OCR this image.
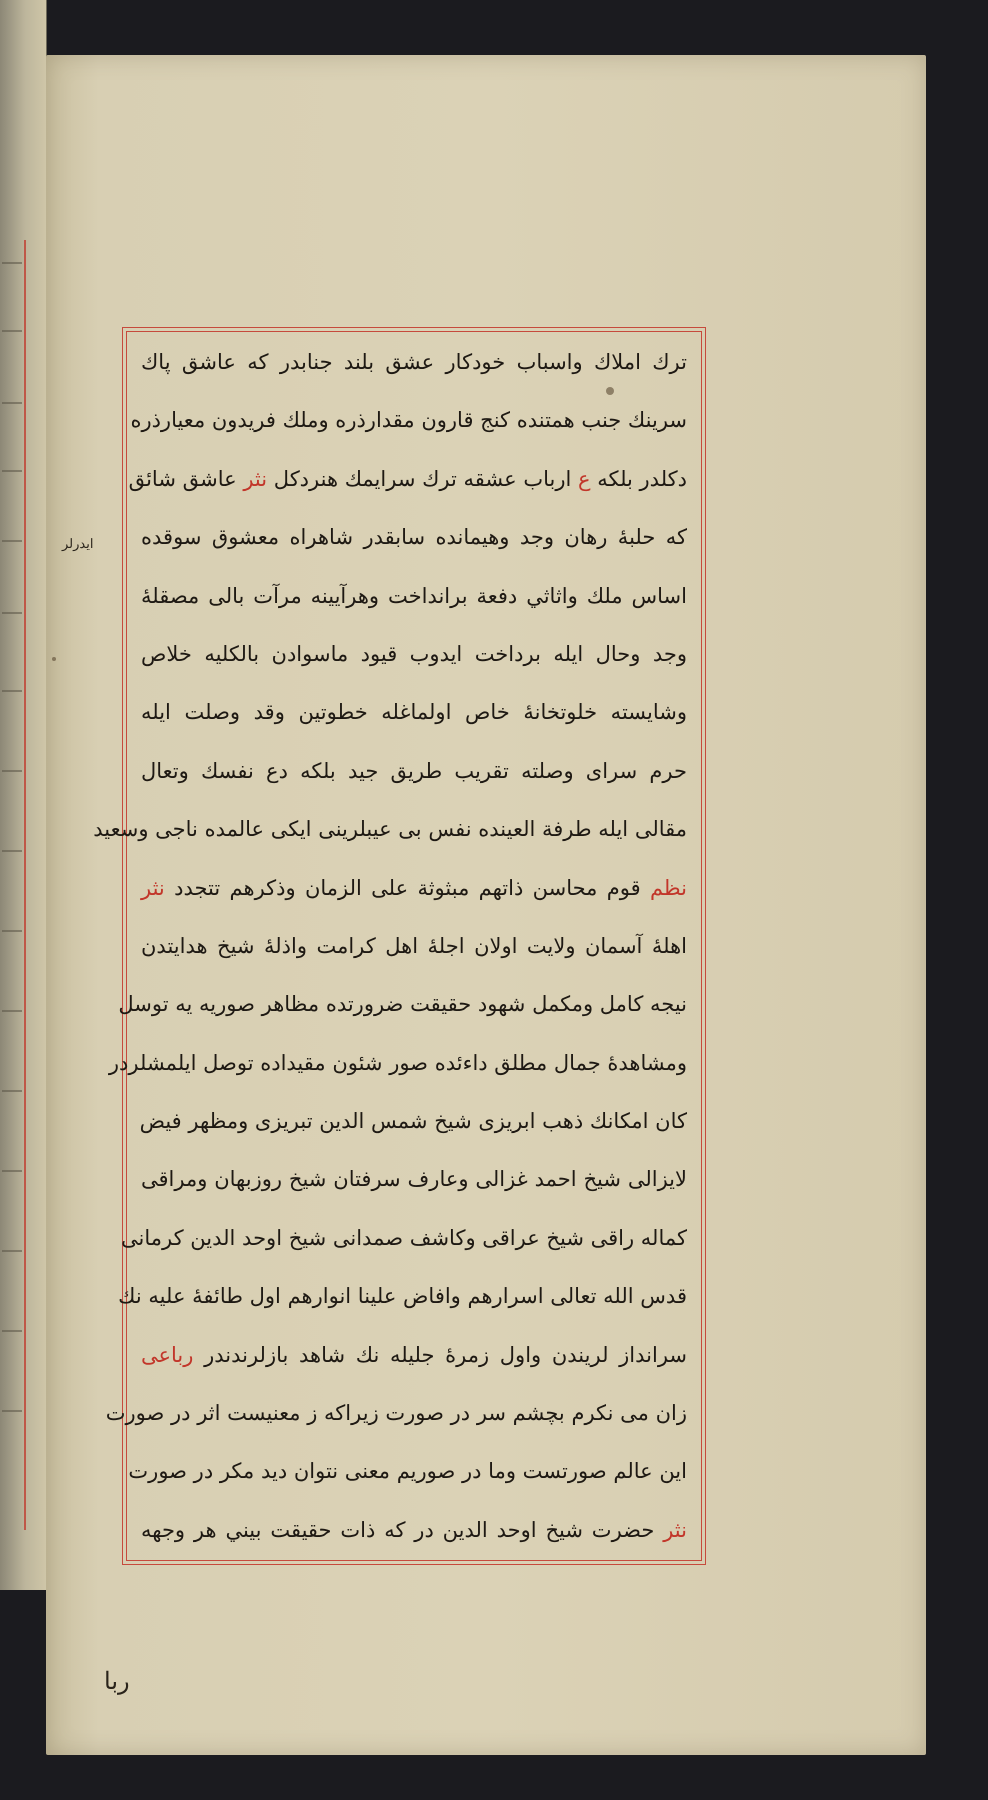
ايدرلر
ترك املاك واسباب خودكار عشق بلند جنابدر كه عاشق پاك
سرينك جنب همتنده كنج قارون مقدارذره وملك فريدون معيارذره
دكلدر بلكه ع ارباب عشقه ترك سرايمك هنردكل نثر عاشق شائق
كه حلبهٔ رهان وجد وهيمانده سابقدر شاهراه معشوق سوقده
اساس ملك واثاثي دفعة برانداخت وهرآيينه مرآت بالى مصقلهٔ
وجد وحال ايله برداخت ايدوب قيود ماسوادن بالكليه خلاص
وشايسته خلوتخانهٔ خاص اولماغله خطوتين وقد وصلت ايله
حرم سراى وصلته تقريب طريق جيد بلكه دع نفسك وتعال
مقالى ايله طرفة العينده نفس بى عيبلرينى ايكى عالمده ناجى وسعيد
نظم قوم محاسن ذاتهم مبثوثة على الزمان وذكرهم تتجدد نثر
اهلهٔ آسمان ولايت اولان اجلهٔ اهل كرامت واذلهٔ شيخ هدايتدن
نيجه كامل ومكمل شهود حقيقت ضرورتده مظاهر صوريه يه توسل
ومشاهدهٔ جمال مطلق داءئده صور شئون مقيداده توصل ايلمشلردر
كان امكانك ذهب ابريزى شيخ شمس الدين تبريزى ومظهر فيض
لايزالى شيخ احمد غزالى وعارف سرفتان شيخ روزبهان ومراقى
كماله راقى شيخ عراقى وكاشف صمدانى شيخ اوحد الدين كرمانى
قدس الله تعالى اسرارهم وافاض علينا انوارهم اول طائفهٔ عليه نك
سرانداز لريندن واول زمرهٔ جليله نك شاهد بازلرندندر رباعى
زان مى نكرم بچشم سر در صورت زيراكه ز معنيست اثر در صورت
اين عالم صورتست وما در صوريم معنى نتوان ديد مكر در صورت
نثر حضرت شيخ اوحد الدين در كه ذات حقيقت بيني هر وجهه
ربا
